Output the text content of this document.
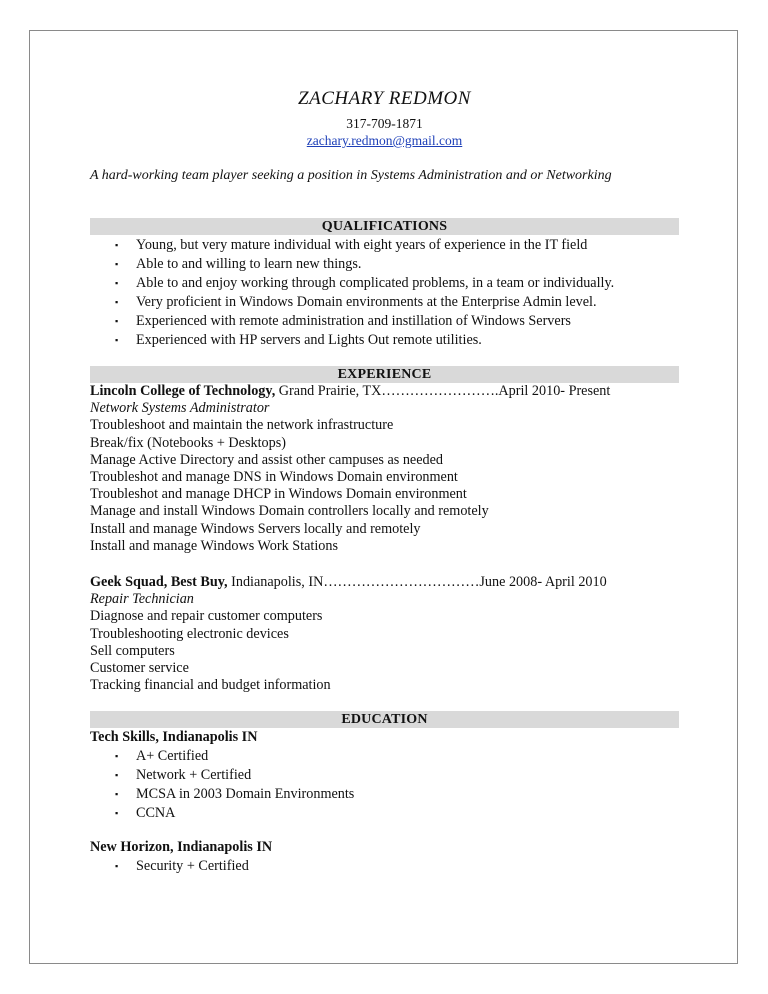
ZACHARY REDMON
317-709-1871
zachary.redmon@gmail.com
A hard-working team player seeking a position in Systems Administration and or Networking
QUALIFICATIONS
▪ Young, but very mature individual with eight years of experience in the IT field
▪ Able to and willing to learn new things.
▪ Able to and enjoy working through complicated problems, in a team or individually.
▪ Very proficient in Windows Domain environments at the Enterprise Admin level.
▪ Experienced with remote administration and instillation of Windows Servers
▪ Experienced with HP servers and Lights Out remote utilities.
EXPERIENCE
Lincoln College of Technology, Grand Prairie, TX…………………….April 2010- Present
Network Systems Administrator
Troubleshoot and maintain the network infrastructure
Break/fix (Notebooks + Desktops)
Manage Active Directory and assist other campuses as needed
Troubleshot and manage DNS in Windows Domain environment
Troubleshot and manage DHCP in Windows Domain environment
Manage and install Windows Domain controllers locally and remotely
Install and manage Windows Servers locally and remotely
Install and manage Windows Work Stations
Geek Squad, Best Buy, Indianapolis, IN……………………………June 2008- April 2010
Repair Technician
Diagnose and repair customer computers
Troubleshooting electronic devices
Sell computers
Customer service
Tracking financial and budget information
EDUCATION
Tech Skills, Indianapolis IN
▪ A+ Certified
▪ Network + Certified
▪ MCSA in 2003 Domain Environments
▪ CCNA
New Horizon, Indianapolis IN
▪ Security + Certified
